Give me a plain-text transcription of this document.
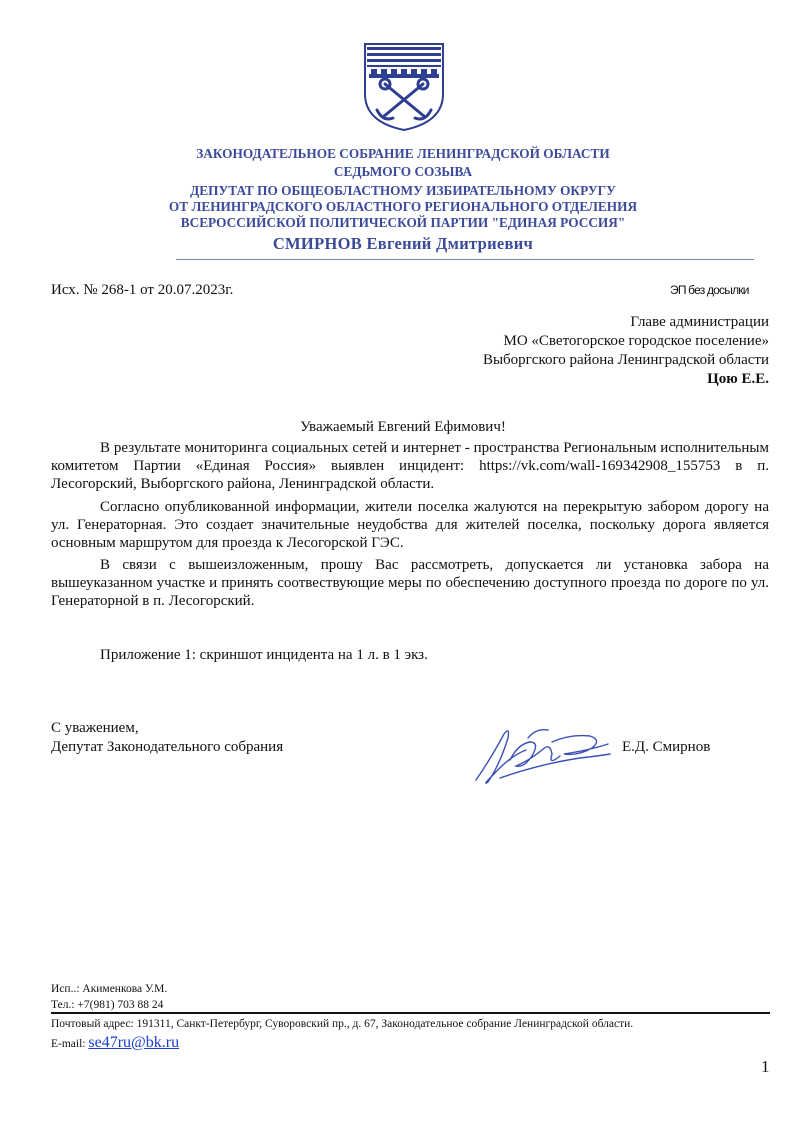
ЗАКОНОДАТЕЛЬНОЕ СОБРАНИЕ ЛЕНИНГРАДСКОЙ ОБЛАСТИ
СЕДЬМОГО СОЗЫВА
ДЕПУТАТ ПО ОБЩЕОБЛАСТНОМУ ИЗБИРАТЕЛЬНОМУ ОКРУГУ
ОТ ЛЕНИНГРАДСКОГО ОБЛАСТНОГО РЕГИОНАЛЬНОГО ОТДЕЛЕНИЯ
ВСЕРОССИЙСКОЙ ПОЛИТИЧЕСКОЙ ПАРТИИ "ЕДИНАЯ РОССИЯ"
СМИРНОВ Евгений Дмитриевич
Исх. № 268-1 от 20.07.2023г.	ЭП без досылки
Главе администрации
МО «Светогорское городское поселение»
Выборгского района Ленинградской области
Цою Е.Е.
Уважаемый Евгений Ефимович!
В результате мониторинга социальных сетей и интернет - пространства Региональным исполнительным комитетом Партии «Единая Россия» выявлен инцидент: https://vk.com/wall-169342908_155753 в п. Лесогорский, Выборгского района, Ленинградской области.
Согласно опубликованной информации, жители поселка жалуются на перекрытую забором дорогу на ул. Генераторная. Это создает значительные неудобства для жителей поселка, поскольку дорога является основным маршрутом для проезда к Лесогорской ГЭС.
В связи с вышеизложенным, прошу Вас рассмотреть, допускается ли установка забора на вышеуказанном участке и принять соотвествующие меры по обеспечению доступного проезда по дороге по ул. Генераторной в п. Лесогорский.
Приложение 1: скриншот инцидента на 1 л. в 1 экз.
С уважением,
Депутат Законодательного собрания	Е.Д. Смирнов
Исп..: Акименкова У.М.
Тел.: +7(981) 703 88 24
Почтовый адрес: 191311, Санкт-Петербург, Суворовский пр., д. 67, Законодательное собрание Ленинградской области.
E-mail: se47ru@bk.ru
1
